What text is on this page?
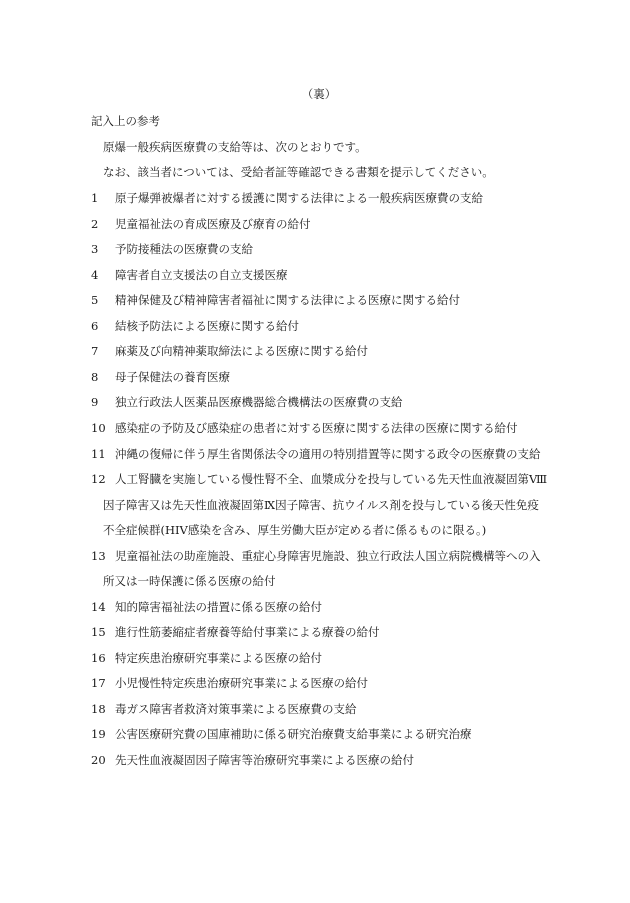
（裏）
記入上の参考
原爆一般疾病医療費の支給等は、次のとおりです。
なお、該当者については、受給者証等確認できる書類を提示してください。
1 原子爆弾被爆者に対する援護に関する法律による一般疾病医療費の支給
2 児童福祉法の育成医療及び療育の給付
3 予防接種法の医療費の支給
4 障害者自立支援法の自立支援医療
5 精神保健及び精神障害者福祉に関する法律による医療に関する給付
6 結核予防法による医療に関する給付
7 麻薬及び向精神薬取締法による医療に関する給付
8 母子保健法の養育医療
9 独立行政法人医薬品医療機器総合機構法の医療費の支給
10 感染症の予防及び感染症の患者に対する医療に関する法律の医療に関する給付
11 沖縄の復帰に伴う厚生省関係法令の適用の特別措置等に関する政令の医療費の支給
12 人工腎臓を実施している慢性腎不全、血漿成分を投与している先天性血液凝固第Ⅷ
因子障害又は先天性血液凝固第Ⅸ因子障害、抗ウイルス剤を投与している後天性免疫
不全症候群(HIV感染を含み、厚生労働大臣が定める者に係るものに限る。)
13 児童福祉法の助産施設、重症心身障害児施設、独立行政法人国立病院機構等への入
所又は一時保護に係る医療の給付
14 知的障害福祉法の措置に係る医療の給付
15 進行性筋萎縮症者療養等給付事業による療養の給付
16 特定疾患治療研究事業による医療の給付
17 小児慢性特定疾患治療研究事業による医療の給付
18 毒ガス障害者救済対策事業による医療費の支給
19 公害医療研究費の国庫補助に係る研究治療費支給事業による研究治療
20 先天性血液凝固因子障害等治療研究事業による医療の給付
